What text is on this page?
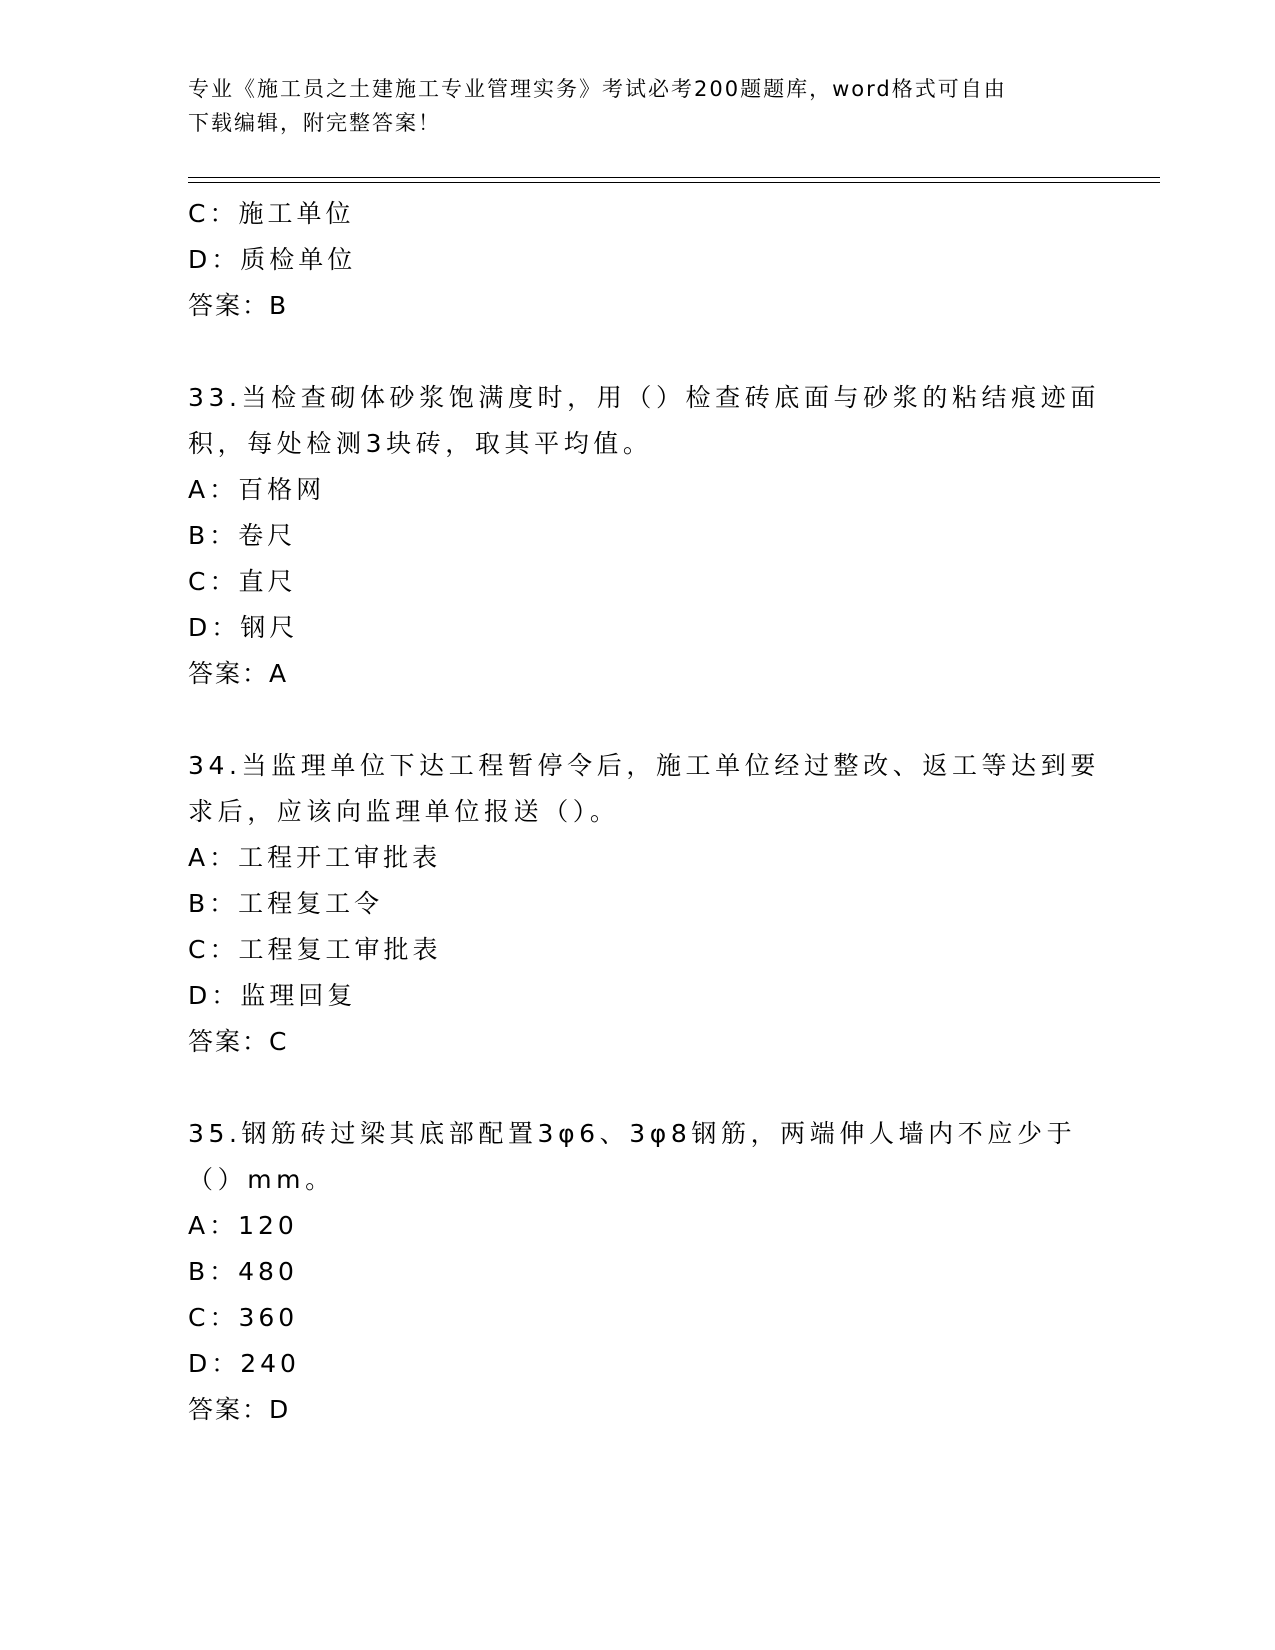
专业《施工员之土建施工专业管理实务》考试必考200题题库，word格式可自由
下载编辑，附完整答案！
C：施工单位
D：质检单位
答案：B
33.当检查砌体砂浆饱满度时，用（）检查砖底面与砂浆的粘结痕迹面
积，每处检测3块砖，取其平均值。
A：百格网
B：卷尺
C：直尺
D：钢尺
答案：A
34.当监理单位下达工程暂停令后，施工单位经过整改、返工等达到要
求后，应该向监理单位报送（）。
A：工程开工审批表
B：工程复工令
C：工程复工审批表
D：监理回复
答案：C
35.钢筋砖过梁其底部配置3φ6、3φ8钢筋，两端伸人墙内不应少于
（）mm。
A：120
B：480
C：360
D：240
答案：D
